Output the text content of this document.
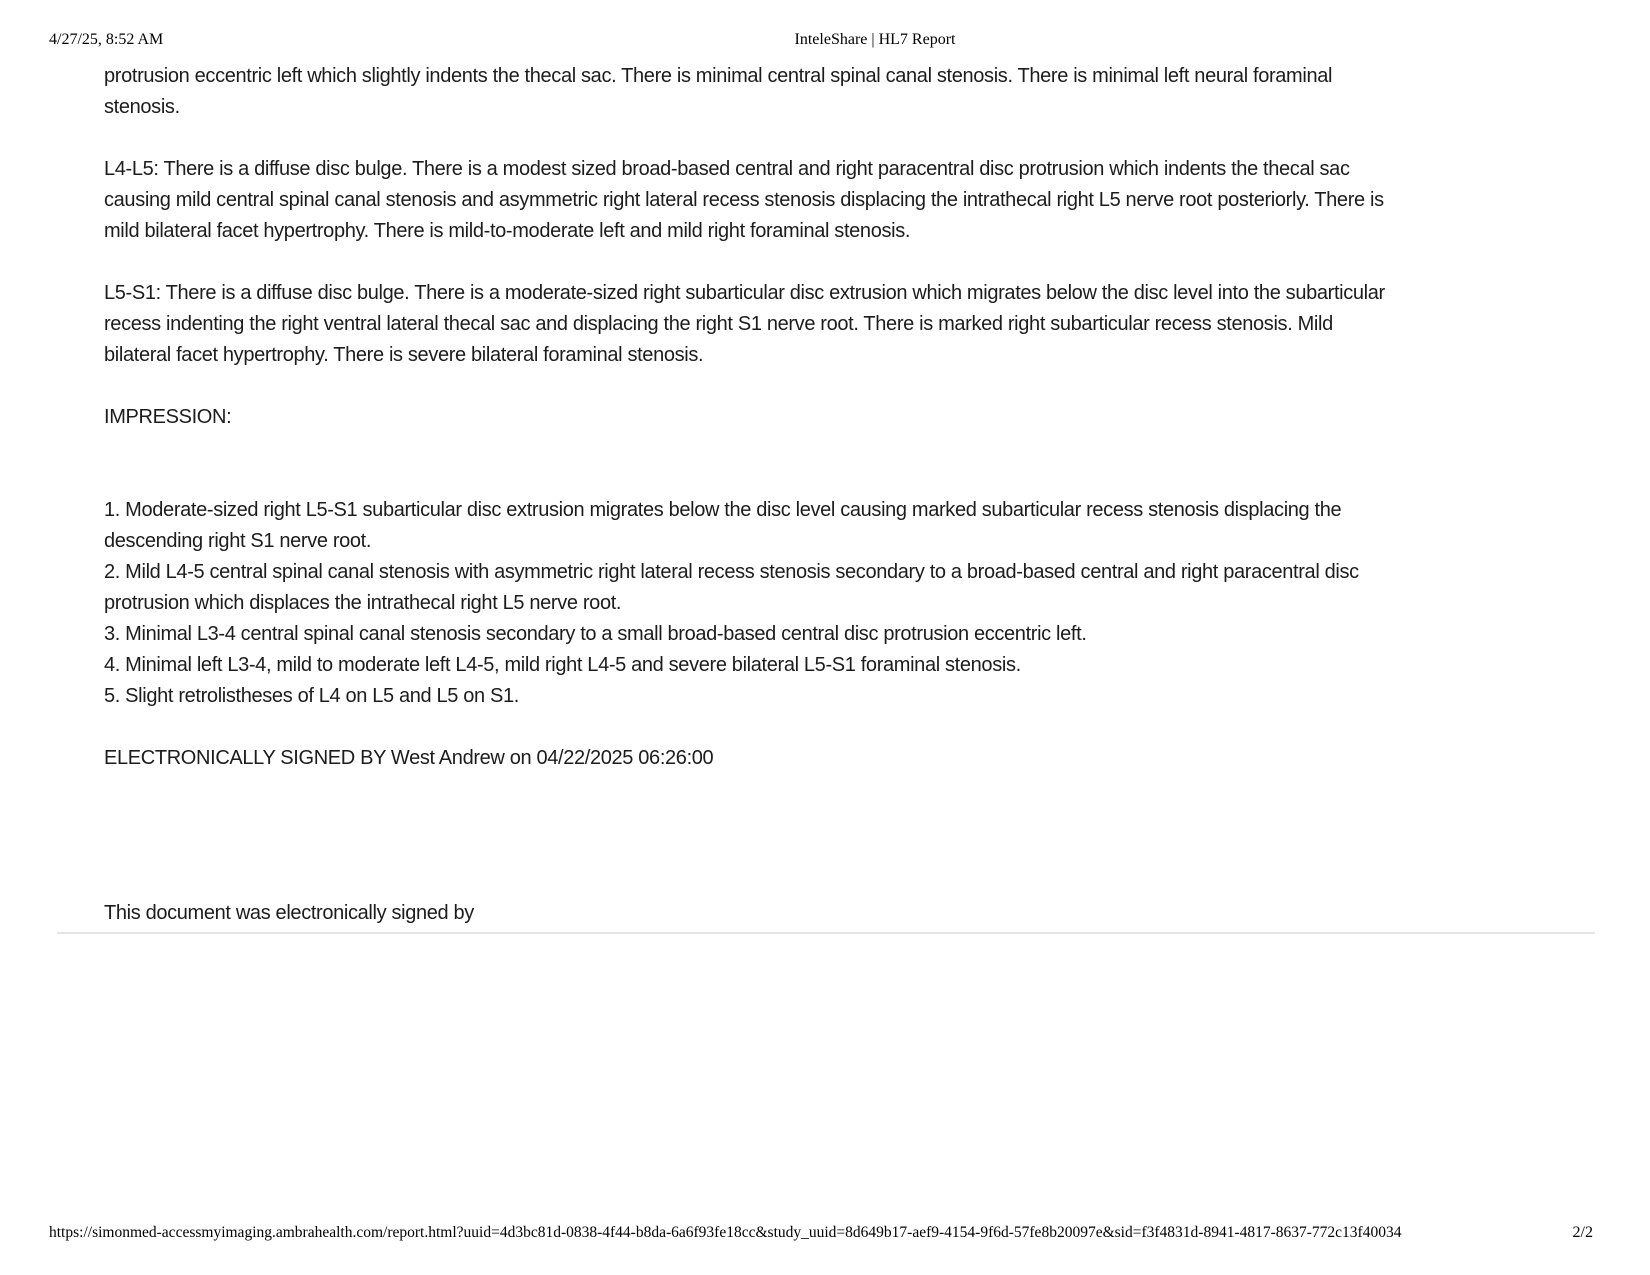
4/27/25, 8:52 AM	InteleShare | HL7 Report

protrusion eccentric left which slightly indents the thecal sac. There is minimal central spinal canal stenosis. There is minimal left neural foraminal stenosis.

L4-L5: There is a diffuse disc bulge. There is a modest sized broad-based central and right paracentral disc protrusion which indents the thecal sac causing mild central spinal canal stenosis and asymmetric right lateral recess stenosis displacing the intrathecal right L5 nerve root posteriorly. There is mild bilateral facet hypertrophy. There is mild-to-moderate left and mild right foraminal stenosis.

L5-S1: There is a diffuse disc bulge. There is a moderate-sized right subarticular disc extrusion which migrates below the disc level into the subarticular recess indenting the right ventral lateral thecal sac and displacing the right S1 nerve root. There is marked right subarticular recess stenosis. Mild bilateral facet hypertrophy. There is severe bilateral foraminal stenosis.

IMPRESSION:

1. Moderate-sized right L5-S1 subarticular disc extrusion migrates below the disc level causing marked subarticular recess stenosis displacing the descending right S1 nerve root.

2. Mild L4-5 central spinal canal stenosis with asymmetric right lateral recess stenosis secondary to a broad-based central and right paracentral disc protrusion which displaces the intrathecal right L5 nerve root.

3. Minimal L3-4 central spinal canal stenosis secondary to a small broad-based central disc protrusion eccentric left.

4. Minimal left L3-4, mild to moderate left L4-5, mild right L4-5 and severe bilateral L5-S1 foraminal stenosis.

5. Slight retrolistheses of L4 on L5 and L5 on S1.

ELECTRONICALLY SIGNED BY West Andrew on 04/22/2025 06:26:00

This document was electronically signed by

https://simonmed-accessmyimaging.ambrahealth.com/report.html?uuid=4d3bc81d-0838-4f44-b8da-6a6f93fe18cc&study_uuid=8d649b17-aef9-4154-9f6d-57fe8b20097e&sid=f3f4831d-8941-4817-8637-772c13f40034	2/2
